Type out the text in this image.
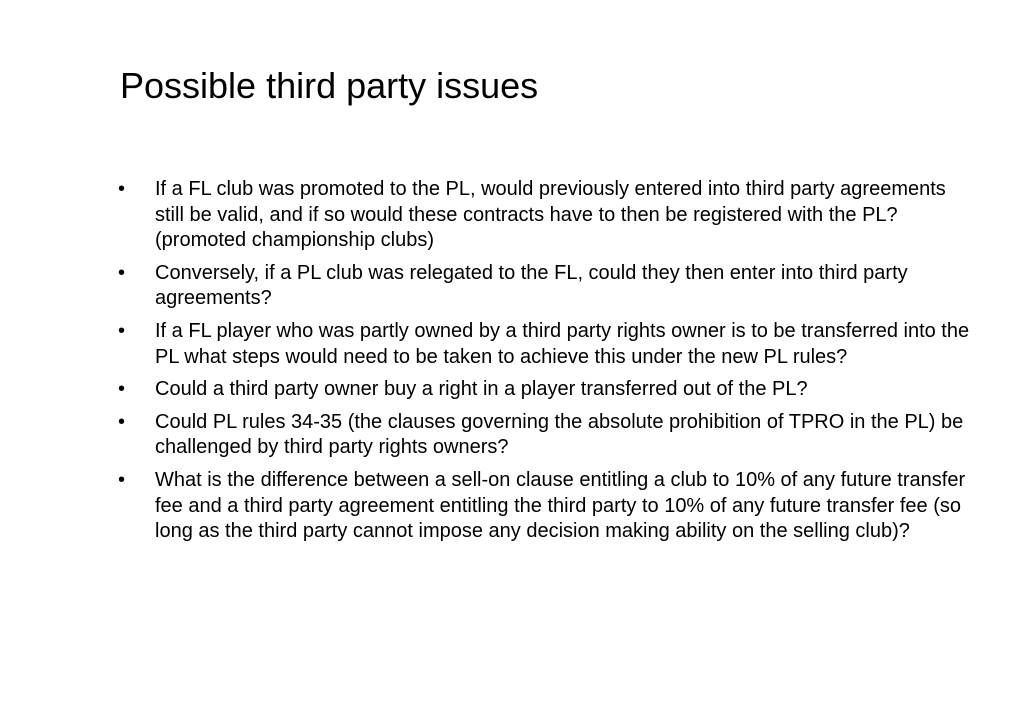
Possible third party issues
• If a FL club was promoted to the PL, would previously entered into third party agreements still be valid, and if so would these contracts have to then be registered with the PL? (promoted championship clubs)
• Conversely, if a PL club was relegated to the FL, could they then enter into third party agreements?
• If a FL player who was partly owned by a third party rights owner is to be transferred into the PL what steps would need to be taken to achieve this under the new PL rules?
• Could a third party owner buy a right in a player transferred out of the PL?
• Could PL rules 34-35 (the clauses governing the absolute prohibition of TPRO in the PL) be challenged by third party rights owners?
• What is the difference between a sell-on clause entitling a club to 10% of any future transfer fee and a third party agreement entitling the third party to 10% of any future transfer fee (so long as the third party cannot impose any decision making ability on the selling club)?
